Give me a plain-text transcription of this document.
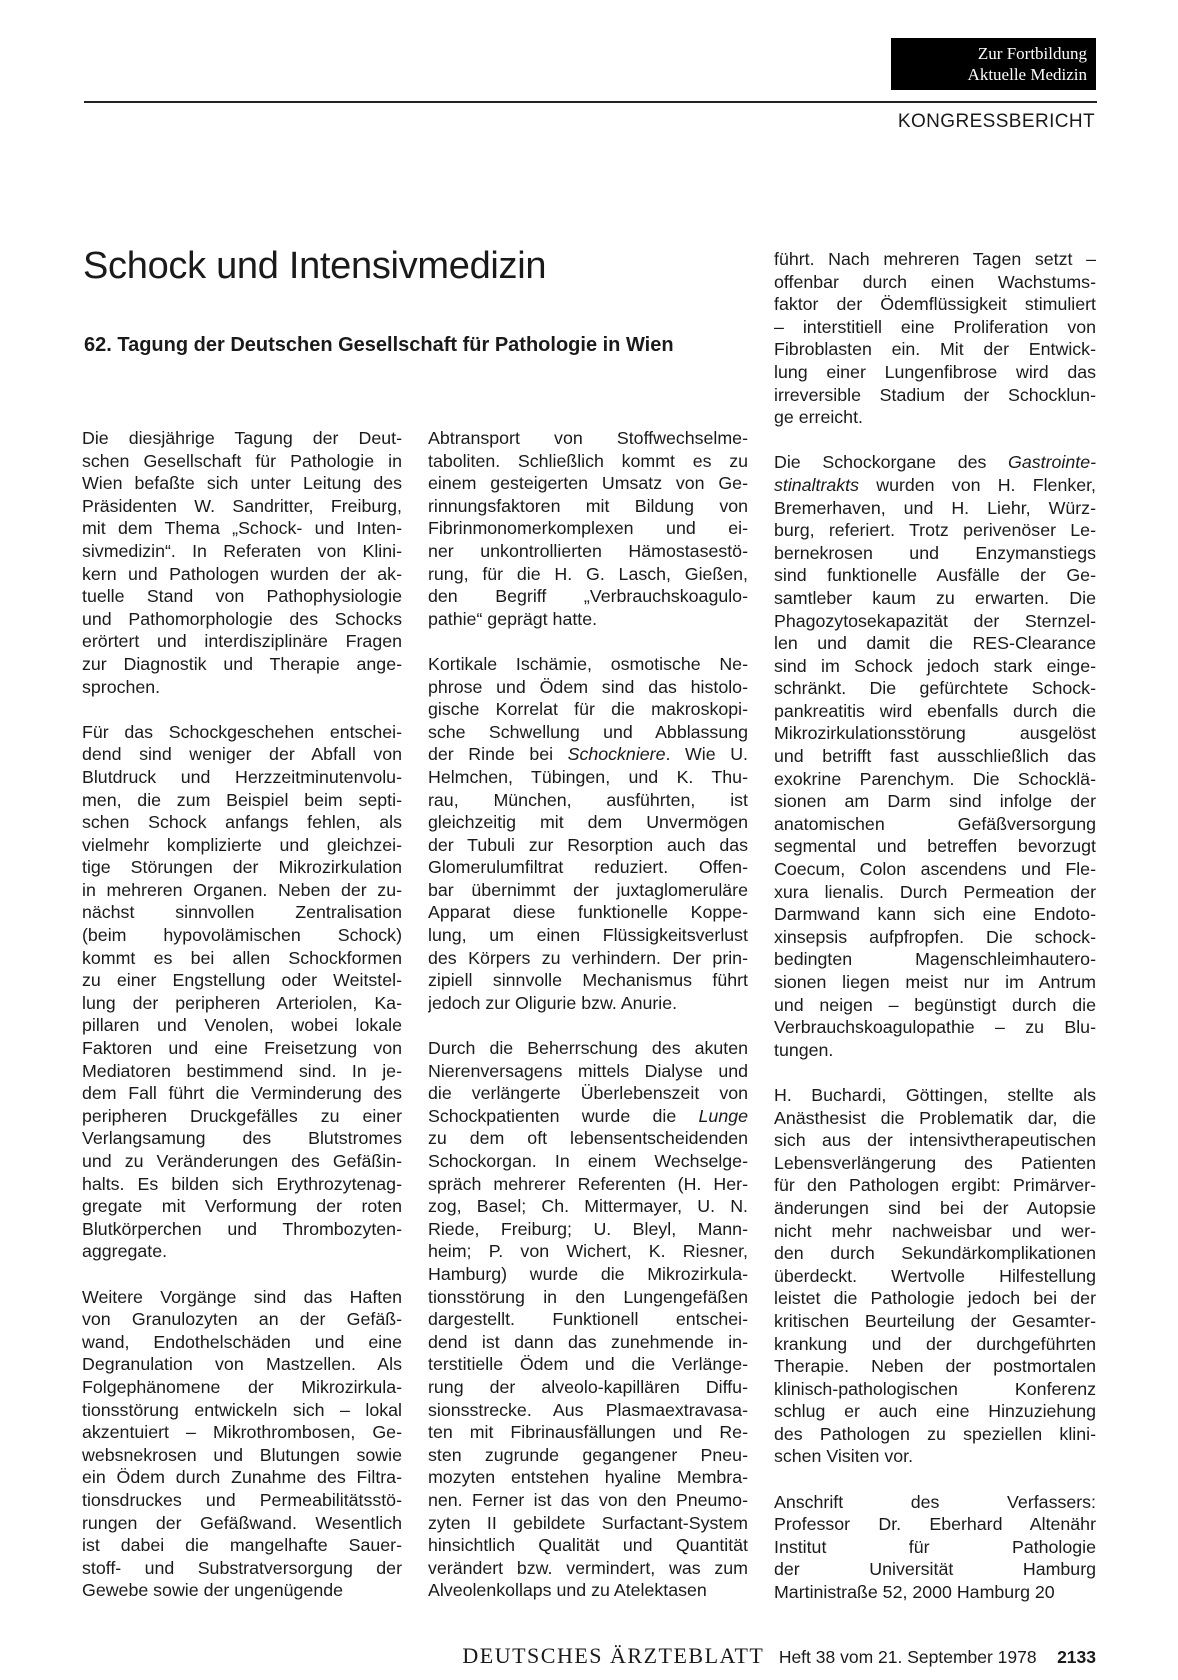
Zur Fortbildung
Aktuelle Medizin
KONGRESSBERICHT
Schock und Intensivmedizin
62. Tagung der Deutschen Gesellschaft für Pathologie in Wien
Die diesjährige Tagung der Deut-
schen Gesellschaft für Pathologie in
Wien befaßte sich unter Leitung des
Präsidenten W. Sandritter, Freiburg,
mit dem Thema „Schock- und Inten-
sivmedizin“. In Referaten von Klini-
kern und Pathologen wurden der ak-
tuelle Stand von Pathophysiologie
und Pathomorphologie des Schocks
erörtert und interdisziplinäre Fragen
zur Diagnostik und Therapie ange-
sprochen.
Für das Schockgeschehen entschei-
dend sind weniger der Abfall von
Blutdruck und Herzzeitminutenvolu-
men, die zum Beispiel beim septi-
schen Schock anfangs fehlen, als
vielmehr komplizierte und gleichzei-
tige Störungen der Mikrozirkulation
in mehreren Organen. Neben der zu-
nächst sinnvollen Zentralisation
(beim hypovolämischen Schock)
kommt es bei allen Schockformen
zu einer Engstellung oder Weitstel-
lung der peripheren Arteriolen, Ka-
pillaren und Venolen, wobei lokale
Faktoren und eine Freisetzung von
Mediatoren bestimmend sind. In je-
dem Fall führt die Verminderung des
peripheren Druckgefälles zu einer
Verlangsamung des Blutstromes
und zu Veränderungen des Gefäßin-
halts. Es bilden sich Erythrozytenag-
gregate mit Verformung der roten
Blutkörperchen und Thrombozyten-
aggregate.
Weitere Vorgänge sind das Haften
von Granulozyten an der Gefäß-
wand, Endothelschäden und eine
Degranulation von Mastzellen. Als
Folgephänomene der Mikrozirkula-
tionsstörung entwickeln sich – lokal
akzentuiert – Mikrothrombosen, Ge-
websnekrosen und Blutungen sowie
ein Ödem durch Zunahme des Filtra-
tionsdruckes und Permeabilitätsstö-
rungen der Gefäßwand. Wesentlich
ist dabei die mangelhafte Sauer-
stoff- und Substratversorgung der
Gewebe sowie der ungenügende
Abtransport von Stoffwechselme-
taboliten. Schließlich kommt es zu
einem gesteigerten Umsatz von Ge-
rinnungsfaktoren mit Bildung von
Fibrinmonomerkomplexen und ei-
ner unkontrollierten Hämostasestö-
rung, für die H. G. Lasch, Gießen,
den Begriff „Verbrauchskoagulo-
pathie“ geprägt hatte.
Kortikale Ischämie, osmotische Ne-
phrose und Ödem sind das histolo-
gische Korrelat für die makroskopi-
sche Schwellung und Abblassung
der Rinde bei Schockniere. Wie U.
Helmchen, Tübingen, und K. Thu-
rau, München, ausführten, ist
gleichzeitig mit dem Unvermögen
der Tubuli zur Resorption auch das
Glomerulumfiltrat reduziert. Offen-
bar übernimmt der juxtaglomeruläre
Apparat diese funktionelle Koppe-
lung, um einen Flüssigkeitsverlust
des Körpers zu verhindern. Der prin-
zipiell sinnvolle Mechanismus führt
jedoch zur Oligurie bzw. Anurie.
Durch die Beherrschung des akuten
Nierenversagens mittels Dialyse und
die verlängerte Überlebenszeit von
Schockpatienten wurde die Lunge
zu dem oft lebensentscheidenden
Schockorgan. In einem Wechselge-
spräch mehrerer Referenten (H. Her-
zog, Basel; Ch. Mittermayer, U. N.
Riede, Freiburg; U. Bleyl, Mann-
heim; P. von Wichert, K. Riesner,
Hamburg) wurde die Mikrozirkula-
tionsstörung in den Lungengefäßen
dargestellt. Funktionell entschei-
dend ist dann das zunehmende in-
terstitielle Ödem und die Verlänge-
rung der alveolo-kapillären Diffu-
sionsstrecke. Aus Plasmaextravasa-
ten mit Fibrinausfällungen und Re-
sten zugrunde gegangener Pneu-
mozyten entstehen hyaline Membra-
nen. Ferner ist das von den Pneumo-
zyten II gebildete Surfactant-System
hinsichtlich Qualität und Quantität
verändert bzw. vermindert, was zum
Alveolenkollaps und zu Atelektasen
führt. Nach mehreren Tagen setzt –
offenbar durch einen Wachstums-
faktor der Ödemflüssigkeit stimuliert
– interstitiell eine Proliferation von
Fibroblasten ein. Mit der Entwick-
lung einer Lungenfibrose wird das
irreversible Stadium der Schocklun-
ge erreicht.
Die Schockorgane des Gastrointe-
stinaltrakts wurden von H. Flenker,
Bremerhaven, und H. Liehr, Würz-
burg, referiert. Trotz perivenöser Le-
bernekrosen und Enzymanstiegs
sind funktionelle Ausfälle der Ge-
samtleber kaum zu erwarten. Die
Phagozytosekapazität der Sternzel-
len und damit die RES-Clearance
sind im Schock jedoch stark einge-
schränkt. Die gefürchtete Schock-
pankreatitis wird ebenfalls durch die
Mikrozirkulationsstörung ausgelöst
und betrifft fast ausschließlich das
exokrine Parenchym. Die Schocklä-
sionen am Darm sind infolge der
anatomischen Gefäßversorgung
segmental und betreffen bevorzugt
Coecum, Colon ascendens und Fle-
xura lienalis. Durch Permeation der
Darmwand kann sich eine Endoto-
xinsepsis aufpfropfen. Die schock-
bedingten Magenschleimhautero-
sionen liegen meist nur im Antrum
und neigen – begünstigt durch die
Verbrauchskoagulopathie – zu Blu-
tungen.
H. Buchardi, Göttingen, stellte als
Anästhesist die Problematik dar, die
sich aus der intensivtherapeutischen
Lebensverlängerung des Patienten
für den Pathologen ergibt: Primärver-
änderungen sind bei der Autopsie
nicht mehr nachweisbar und wer-
den durch Sekundärkomplikationen
überdeckt. Wertvolle Hilfestellung
leistet die Pathologie jedoch bei der
kritischen Beurteilung der Gesamter-
krankung und der durchgeführten
Therapie. Neben der postmortalen
klinisch-pathologischen Konferenz
schlug er auch eine Hinzuziehung
des Pathologen zu speziellen klini-
schen Visiten vor.
Anschrift des Verfassers:
Professor Dr. Eberhard Altenähr
Institut für Pathologie
der Universität Hamburg
Martinistraße 52, 2000 Hamburg 20
DEUTSCHES ÄRZTEBLATT Heft 38 vom 21. September 1978 2133
